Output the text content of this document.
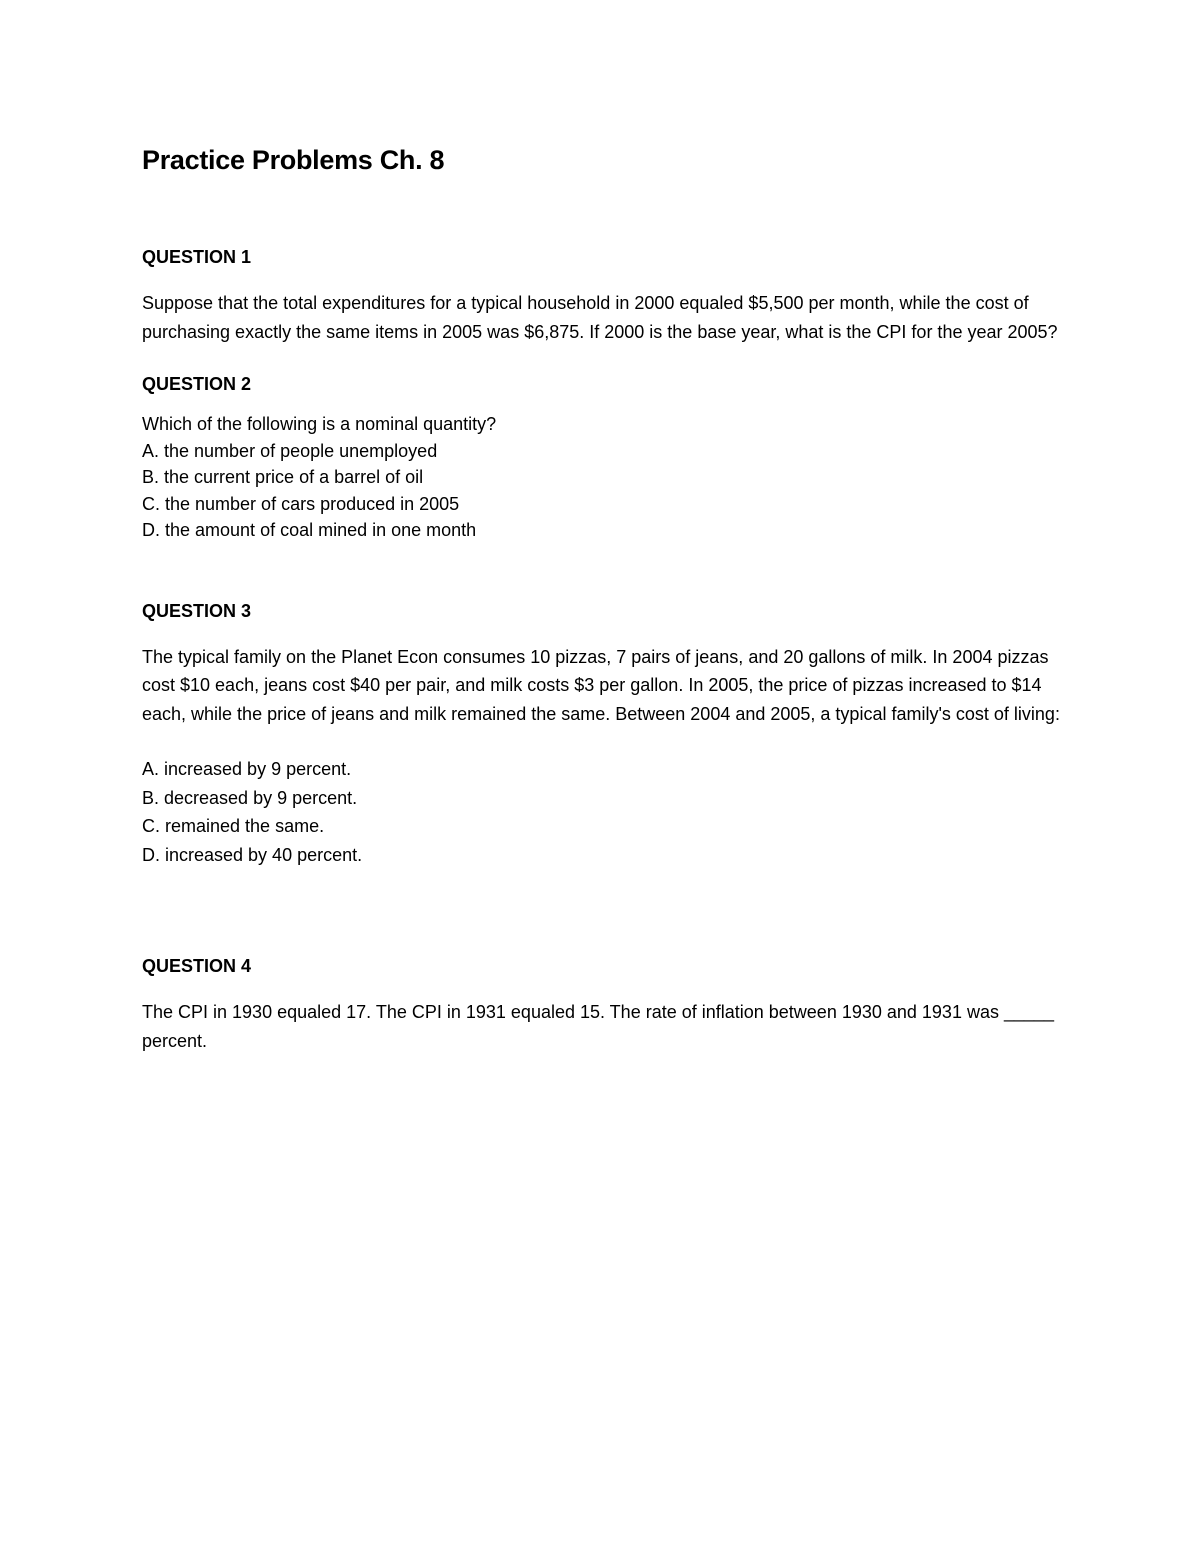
Practice Problems Ch. 8
QUESTION 1

Suppose that the total expenditures for a typical household in 2000 equaled $5,500 per month, while the cost of purchasing exactly the same items in 2005 was $6,875. If 2000 is the base year, what is the CPI for the year 2005?

QUESTION 2

Which of the following is a nominal quantity?

A. the number of people unemployed

B. the current price of a barrel of oil

C. the number of cars produced in 2005

D. the amount of coal mined in one month

QUESTION 3

The typical family on the Planet Econ consumes 10 pizzas, 7 pairs of jeans, and 20 gallons of milk. In 2004 pizzas cost $10 each, jeans cost $40 per pair, and milk costs $3 per gallon. In 2005, the price of pizzas increased to $14 each, while the price of jeans and milk remained the same. Between 2004 and 2005, a typical family's cost of living:

A. increased by 9 percent.

B. decreased by 9 percent.

C. remained the same.

D. increased by 40 percent.

QUESTION 4

The CPI in 1930 equaled 17. The CPI in 1931 equaled 15. The rate of inflation between 1930 and 1931 was _____ percent.
